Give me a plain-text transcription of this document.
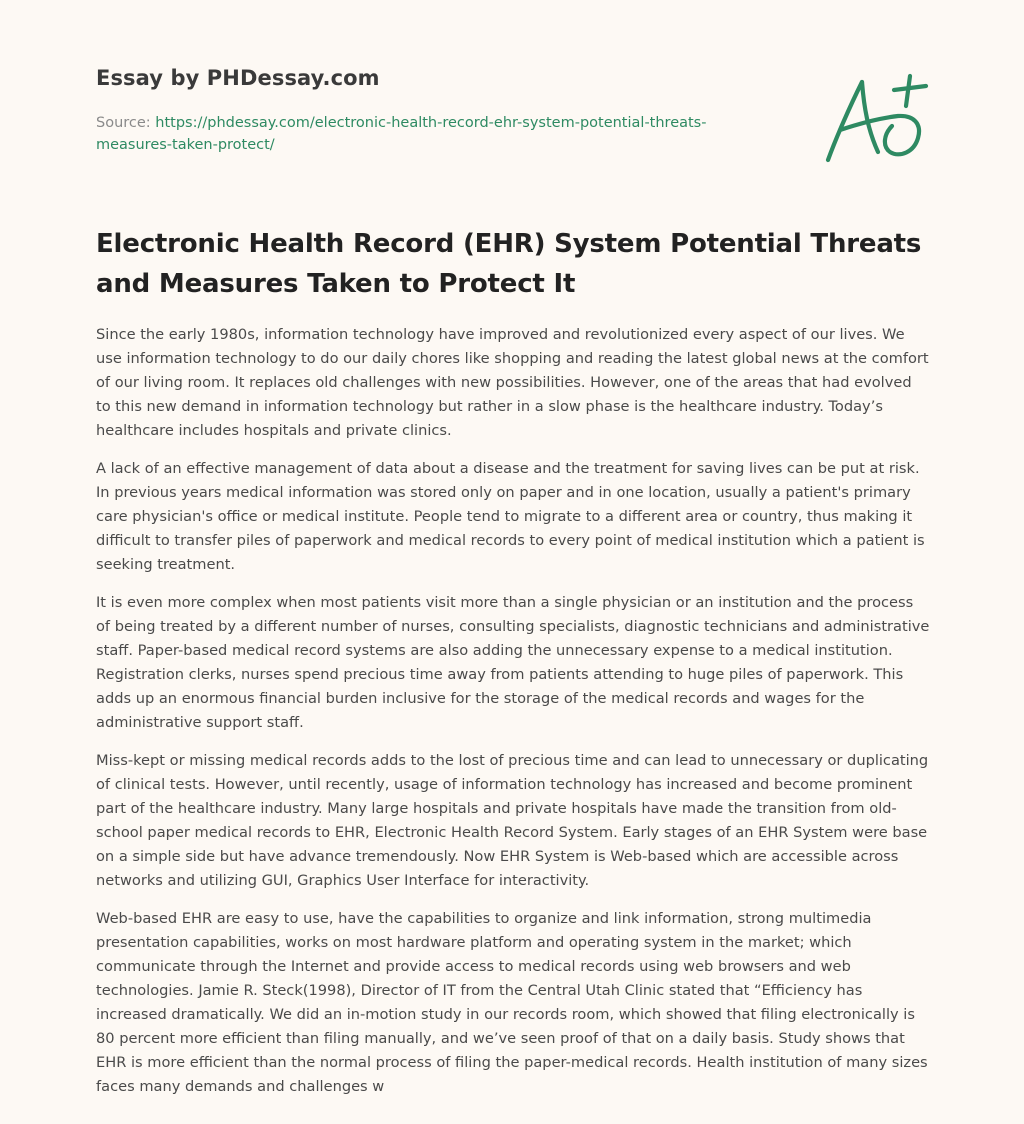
Essay by PHDessay.com
Source: https://phdessay.com/electronic-health-record-ehr-system-potential-threats-measures-taken-protect/
Electronic Health Record (EHR) System Potential Threats and Measures Taken to Protect It

Since the early 1980s, information technology have improved and revolutionized every aspect of our lives. We use information technology to do our daily chores like shopping and reading the latest global news at the comfort of our living room. It replaces old challenges with new possibilities. However, one of the areas that had evolved to this new demand in information technology but rather in a slow phase is the healthcare industry. Today’s healthcare includes hospitals and private clinics.

A lack of an effective management of data about a disease and the treatment for saving lives can be put at risk. In previous years medical information was stored only on paper and in one location, usually a patient's primary care physician's office or medical institute. People tend to migrate to a different area or country, thus making it difficult to transfer piles of paperwork and medical records to every point of medical institution which a patient is seeking treatment.

It is even more complex when most patients visit more than a single physician or an institution and the process of being treated by a different number of nurses, consulting specialists, diagnostic technicians and administrative staff. Paper-based medical record systems are also adding the unnecessary expense to a medical institution. Registration clerks, nurses spend precious time away from patients attending to huge piles of paperwork. This adds up an enormous financial burden inclusive for the storage of the medical records and wages for the administrative support staff.

Miss-kept or missing medical records adds to the lost of precious time and can lead to unnecessary or duplicating of clinical tests. However, until recently, usage of information technology has increased and become prominent part of the healthcare industry. Many large hospitals and private hospitals have made the transition from old-school paper medical records to EHR, Electronic Health Record System. Early stages of an EHR System were base on a simple side but have advance tremendously. Now EHR System is Web-based which are accessible across networks and utilizing GUI, Graphics User Interface for interactivity.

Web-based EHR are easy to use, have the capabilities to organize and link information, strong multimedia presentation capabilities, works on most hardware platform and operating system in the market; which communicate through the Internet and provide access to medical records using web browsers and web technologies. Jamie R. Steck(1998), Director of IT from the Central Utah Clinic stated that “Efficiency has increased dramatically. We did an in-motion study in our records room, which showed that filing electronically is 80 percent more efficient than filing manually, and we’ve seen proof of that on a daily basis. Study shows that EHR is more efficient than the normal process of filing the paper-medical records. Health institution of many sizes faces many demands and challenges w
